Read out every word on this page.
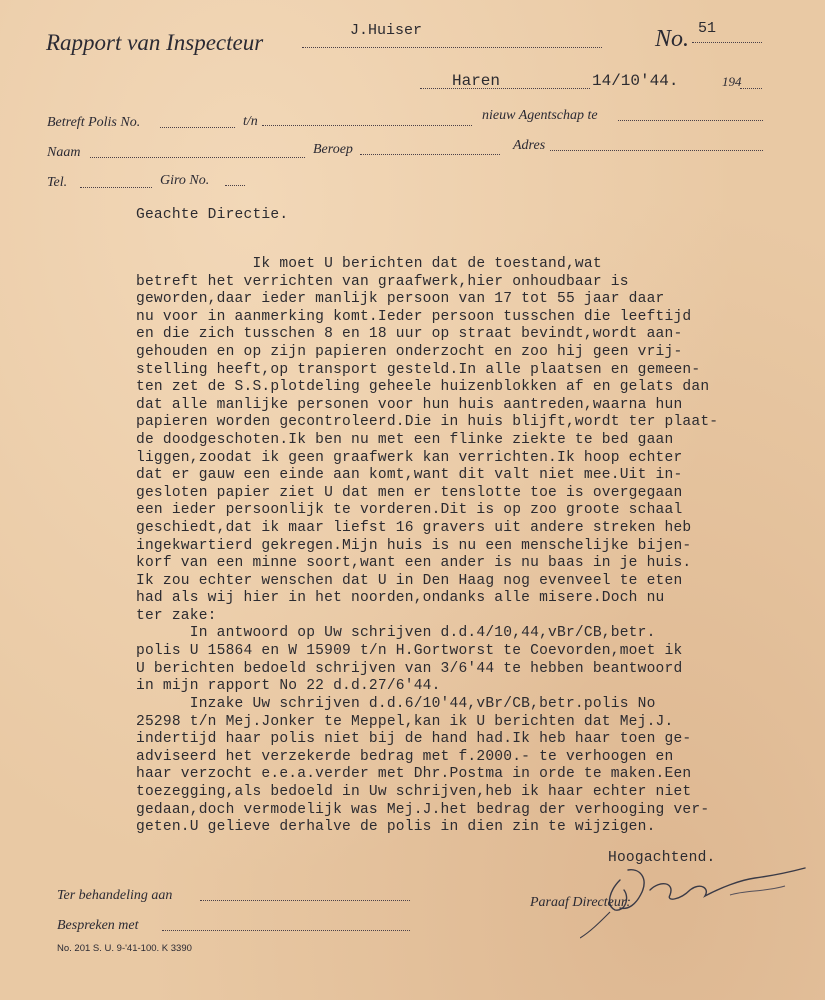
Rapport van Inspecteur	J.Huiser	No. 51
Haren	14/10'44.	194
Betreft Polis No.	t/n	nieuw Agentschap te
Naam	Beroep	Adres
Tel.	Giro No.
Geachte Directie.
Ik moet U berichten dat de toestand,wat
betreft het verrichten van graafwerk,hier onhoudbaar is
geworden,daar ieder manlijk persoon van 17 tot 55 jaar daar
nu voor in aanmerking komt.Ieder persoon tusschen die leeftijd
en die zich tusschen 8 en 18 uur op straat bevindt,wordt aan-
gehouden en op zijn papieren onderzocht en zoo hij geen vrij-
stelling heeft,op transport gesteld.In alle plaatsen en gemeen-
ten zet de S.S.plotdeling geheele huizenblokken af en gelats dan
dat alle manlijke personen voor hun huis aantreden,waarna hun
papieren worden gecontroleerd.Die in huis blijft,wordt ter plaat-
de doodgeschoten.Ik ben nu met een flinke ziekte te bed gaan
liggen,zoodat ik geen graafwerk kan verrichten.Ik hoop echter
dat er gauw een einde aan komt,want dit valt niet mee.Uit in-
gesloten papier ziet U dat men er tenslotte toe is overgegaan
een ieder persoonlijk te vorderen.Dit is op zoo groote schaal
geschiedt,dat ik maar liefst 16 gravers uit andere streken heb
ingekwartierd gekregen.Mijn huis is nu een menschelijke bijen-
korf van een minne soort,want een ander is nu baas in je huis.
Ik zou echter wenschen dat U in Den Haag nog evenveel te eten
had als wij hier in het noorden,ondanks alle misere.Doch nu
ter zake:
In antwoord op Uw schrijven d.d.4/10,44,vBr/CB,betr.
polis U 15864 en W 15909 t/n H.Gortworst te Coevorden,moet ik
U berichten bedoeld schrijven van 3/6'44 te hebben beantwoord
in mijn rapport No 22 d.d.27/6'44.
Inzake Uw schrijven d.d.6/10'44,vBr/CB,betr.polis No
25298 t/n Mej.Jonker te Meppel,kan ik U berichten dat Mej.J.
indertijd haar polis niet bij de hand had.Ik heb haar toen ge-
adviseerd het verzekerde bedrag met f.2000.- te verhoogen en
haar verzocht e.e.a.verder met Dhr.Postma in orde te maken.Een
toezegging,als bedoeld in Uw schrijven,heb ik haar echter niet
gedaan,doch vermodelijk was Mej.J.het bedrag der verhooging ver-
geten.U gelieve derhalve de polis in dien zin te wijzigen.
Hoogachtend.
Ter behandeling aan
Bespreken met
Paraaf Directeur:
No. 201 S. U. 9-'41-100. K 3390
